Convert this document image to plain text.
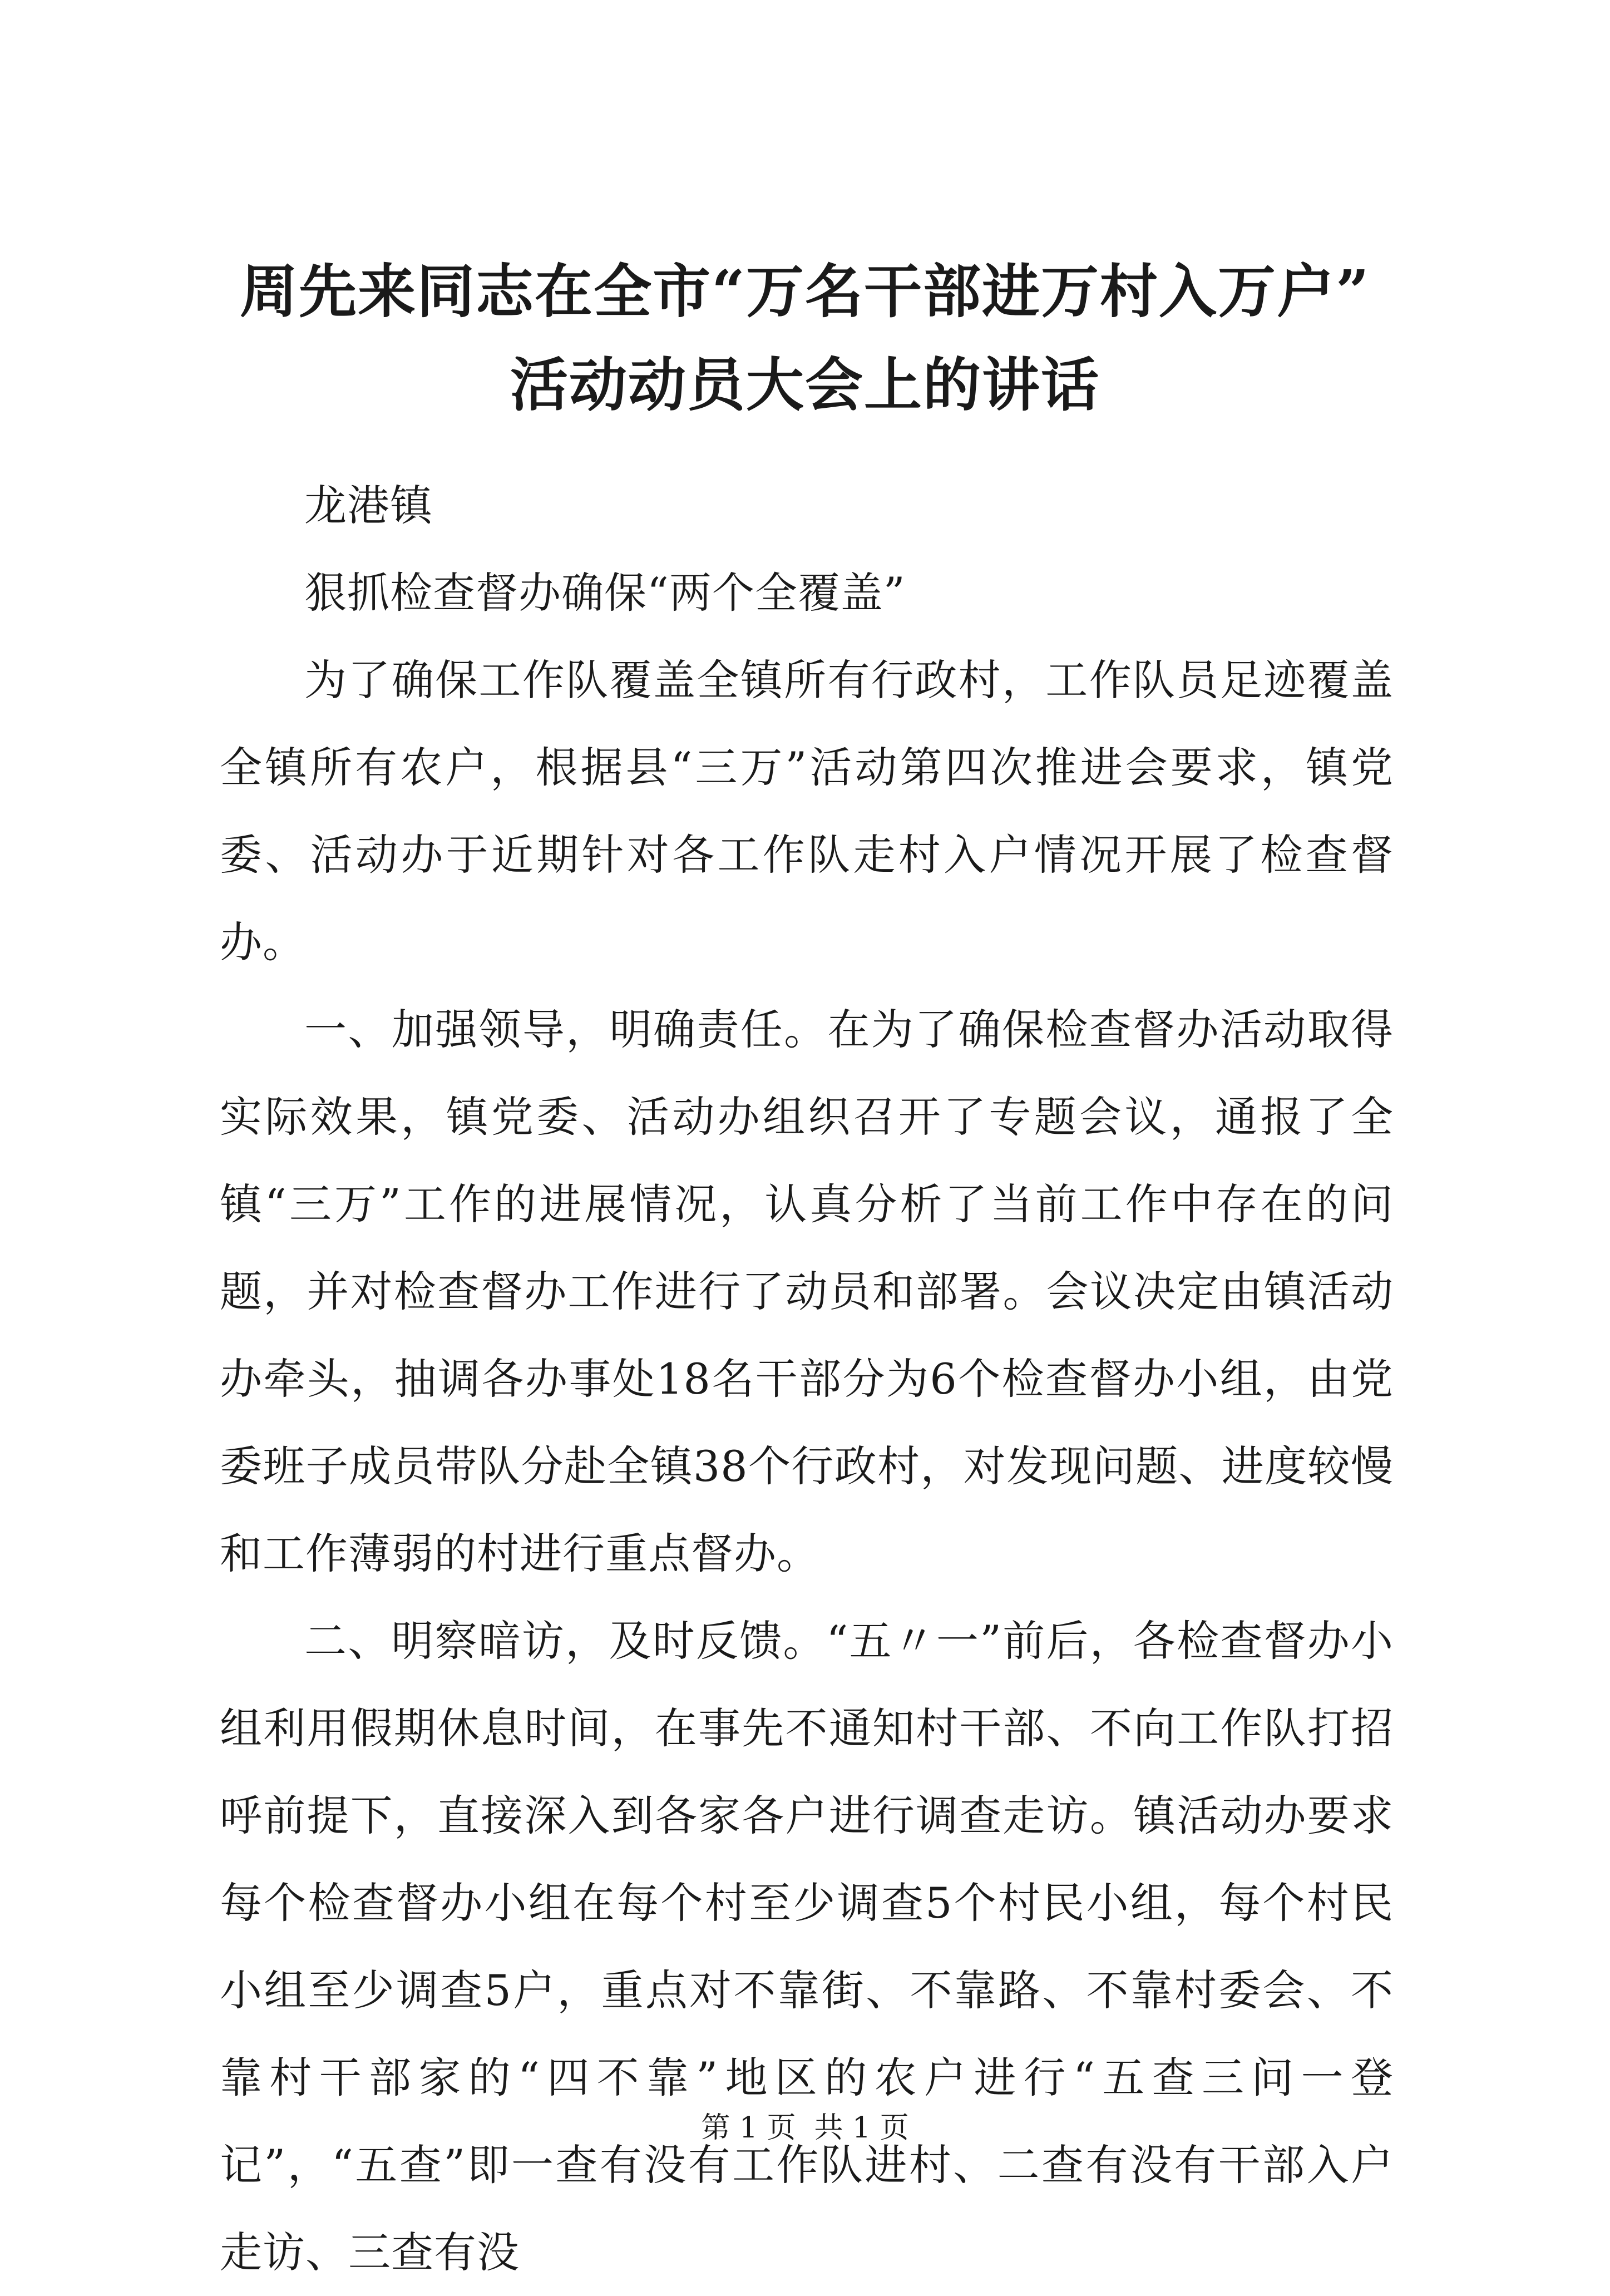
周先来同志在全市“万名干部进万村入万户”
活动动员大会上的讲话

龙港镇

狠抓检查督办确保“两个全覆盖”

为了确保工作队覆盖全镇所有行政村，工作队员足迹覆盖全镇所有农户，根据县“三万”活动第四次推进会要求，镇党委、活动办于近期针对各工作队走村入户情况开展了检查督办。

一、加强领导，明确责任。在为了确保检查督办活动取得实际效果，镇党委、活动办组织召开了专题会议，通报了全镇“三万”工作的进展情况，认真分析了当前工作中存在的问题，并对检查督办工作进行了动员和部署。会议决定由镇活动办牵头，抽调各办事处18名干部分为6个检查督办小组，由党委班子成员带队分赴全镇38个行政村，对发现问题、进度较慢和工作薄弱的村进行重点督办。

二、明察暗访，及时反馈。“五〃一”前后，各检查督办小组利用假期休息时间，在事先不通知村干部、不向工作队打招呼前提下，直接深入到各家各户进行调查走访。镇活动办要求每个检查督办小组在每个村至少调查5个村民小组，每个村民小组至少调查5户，重点对不靠街、不靠路、不靠村委会、不靠村干部家的“四不靠”地区的农户进行“五查三问一登记”，“五查”即一查有没有工作队进村、二查有没有干部入户走访、三查有没

第 1 页  共 1 页
